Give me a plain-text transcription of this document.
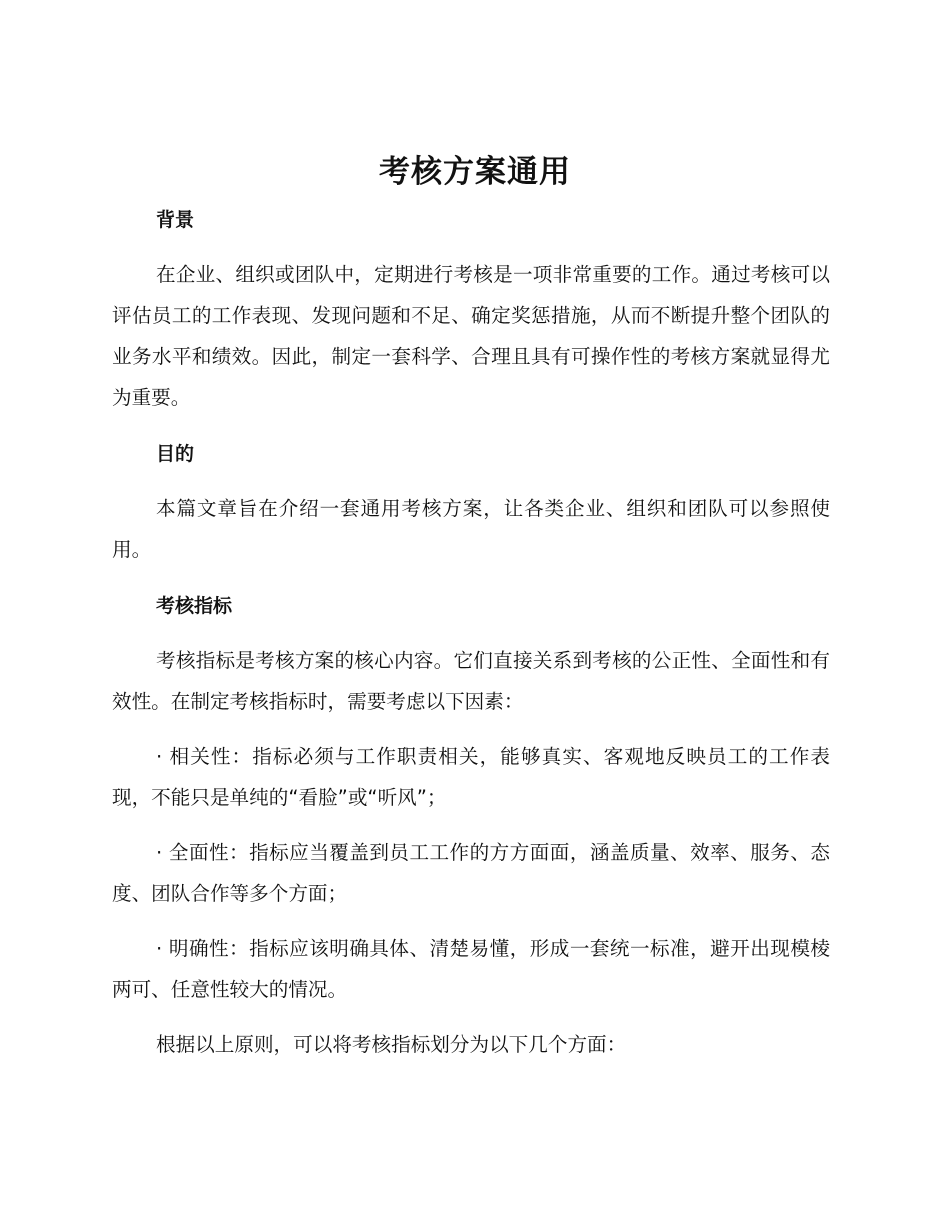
考核方案通用
背景

在企业、组织或团队中，定期进行考核是一项非常重要的工作。通过考核可以评估员工的工作表现、发现问题和不足、确定奖惩措施，从而不断提升整个团队的业务水平和绩效。因此，制定一套科学、合理且具有可操作性的考核方案就显得尤为重要。

目的

本篇文章旨在介绍一套通用考核方案，让各类企业、组织和团队可以参照使用。

考核指标

考核指标是考核方案的核心内容。它们直接关系到考核的公正性、全面性和有效性。在制定考核指标时，需要考虑以下因素：

· 相关性：指标必须与工作职责相关，能够真实、客观地反映员工的工作表现，不能只是单纯的“看脸”或“听风”；

· 全面性：指标应当覆盖到员工工作的方方面面，涵盖质量、效率、服务、态度、团队合作等多个方面；

· 明确性：指标应该明确具体、清楚易懂，形成一套统一标准，避开出现模棱两可、任意性较大的情况。

根据以上原则，可以将考核指标划分为以下几个方面：
